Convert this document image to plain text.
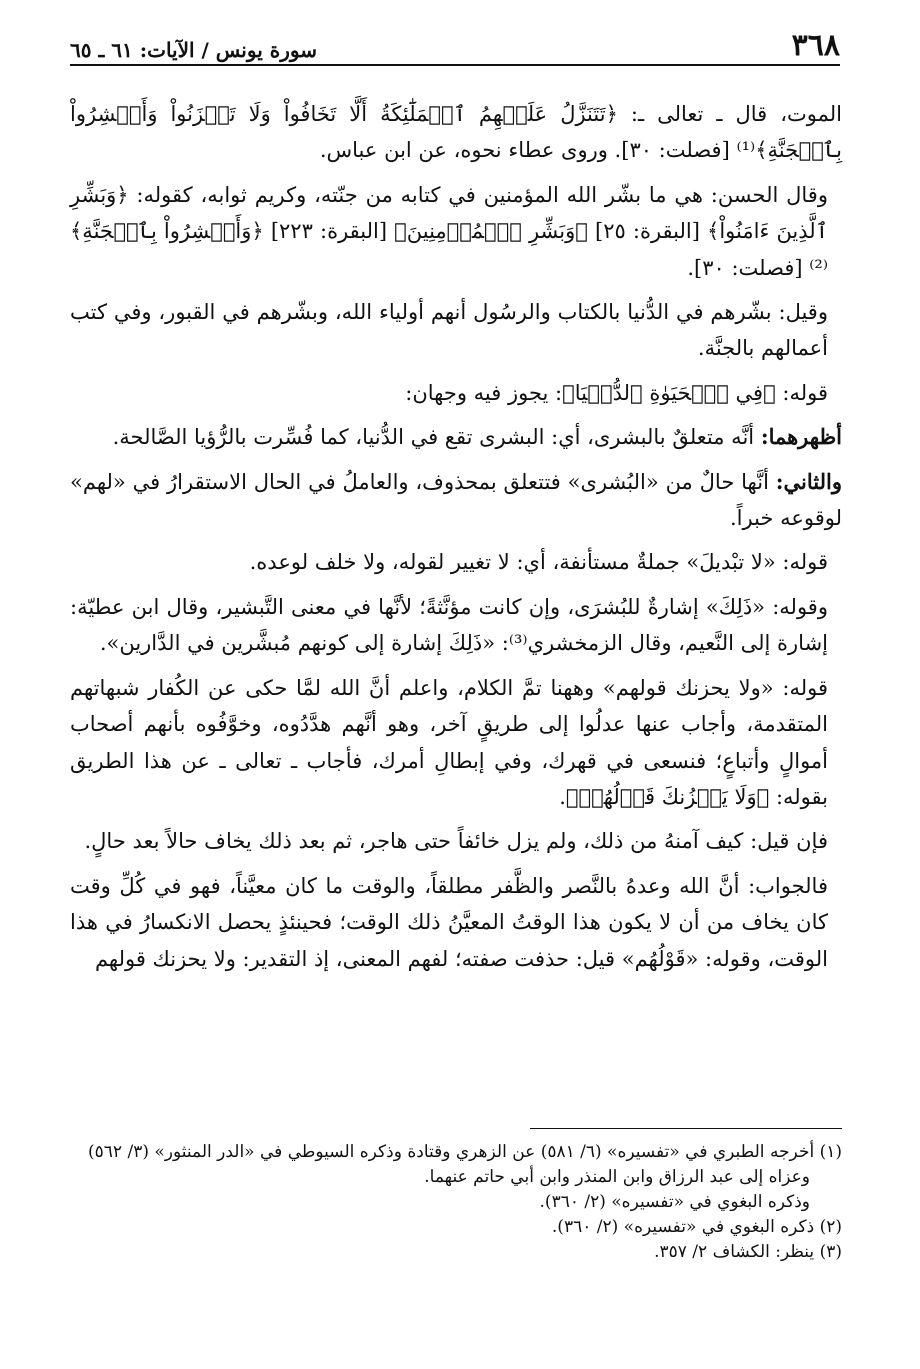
٣٦٨
سورة يونس / الآيات: ٦١ ـ ٦٥

الموت، قال ـ تعالى ـ: ﴿تَتَنَزَّلُ عَلَيۡهِمُ ٱلۡمَلَٰٓئِكَةُ أَلَّا تَخَافُواْ وَلَا تَحۡزَنُواْ وَأَبۡشِرُواْ بِٱلۡجَنَّةِ﴾⁽¹⁾ [فصلت: ٣٠]. وروى عطاء نحوه، عن ابن عباس.

وقال الحسن: هي ما بشّر الله المؤمنين في كتابه من جنّته، وكريم ثوابه، كقوله: ﴿وَبَشِّرِ ٱلَّذِينَ ءَامَنُواْ﴾ [البقرة: ٢٥] ﴿وَبَشِّرِ ٱلۡمُؤۡمِنِينَ﴾ [البقرة: ٢٢٣] ﴿وَأَبۡشِرُواْ بِٱلۡجَنَّةِ﴾⁽²⁾ [فصلت: ٣٠].

وقيل: بشّرهم في الدُّنيا بالكتاب والرسُول أنهم أولياء الله، وبشّرهم في القبور، وفي كتب أعمالهم بالجنَّة.

قوله: ﴿فِي ٱلۡحَيَوٰةِ ٱلدُّنۡيَا﴾: يجوز فيه وجهان:

أظهرهما: أنَّه متعلقٌ بالبشرى، أي: البشرى تقع في الدُّنيا، كما فُسِّرت بالرُّؤيا الصَّالحة.

والثاني: أنَّها حالٌ من «البُشرى» فتتعلق بمحذوف، والعاملُ في الحال الاستقرارُ في «لهم» لوقوعه خبراً.

قوله: «لا تبْديلَ» جملةٌ مستأنفة، أي: لا تغيير لقوله، ولا خلف لوعده.

وقوله: «ذَلِكَ» إشارةٌ للبُشرَى، وإن كانت مؤنَّثةً؛ لأنَّها في معنى التَّبشير، وقال ابن عطيّة: إشارة إلى النَّعيم، وقال الزمخشري⁽³⁾: «ذَلِكَ إشارة إلى كونهم مُبشَّرين في الدَّارين».

قوله: «ولا يحزنك قولهم» وههنا تمَّ الكلام، واعلم أنَّ الله لمَّا حكى عن الكُفار شبهاتهم المتقدمة، وأجاب عنها عدلُوا إلى طريقٍ آخر، وهو أنَّهم هدَّدُوه، وخوَّفُوه بأنهم أصحاب أموالٍ وأتباعٍ؛ فنسعى في قهرك، وفي إبطالِ أمرك، فأجاب ـ تعالى ـ عن هذا الطريق بقوله: ﴿وَلَا يَحۡزُنكَ قَوۡلُهُمۡ﴾.

فإن قيل: كيف آمنهُ من ذلك، ولم يزل خائفاً حتى هاجر، ثم بعد ذلك يخاف حالاً بعد حالٍ.

فالجواب: أنَّ الله وعدهُ بالنَّصر والظَّفر مطلقاً، والوقت ما كان معيَّناً، فهو في كُلِّ وقت كان يخاف من أن لا يكون هذا الوقتُ المعيَّنُ ذلك الوقت؛ فحينئذٍ يحصل الانكسارُ في هذا الوقت، وقوله: «قَوْلُهُم» قيل: حذفت صفته؛ لفهم المعنى، إذ التقدير: ولا يحزنك قولهم

(١) أخرجه الطبري في «تفسيره» (٦/ ٥٨١) عن الزهري وقتادة وذكره السيوطي في «الدر المنثور» (٣/ ٥٦٢)

وعزاه إلى عبد الرزاق وابن المنذر وابن أبي حاتم عنهما.

وذكره البغوي في «تفسيره» (٢/ ٣٦٠).

(٢) ذكره البغوي في «تفسيره» (٢/ ٣٦٠).

(٣) ينظر: الكشاف ٢/ ٣٥٧.
